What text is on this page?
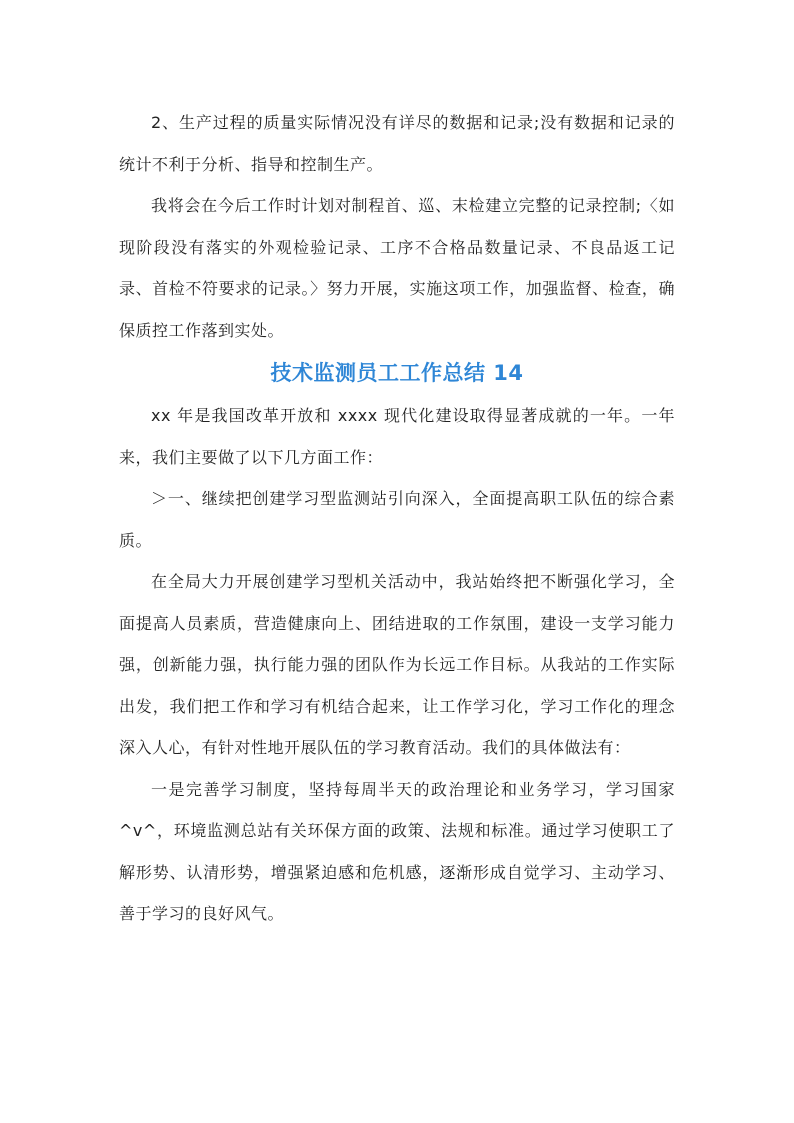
2、生产过程的质量实际情况没有详尽的数据和记录;没有数据和记录的统计不利于分析、指导和控制生产。

我将会在今后工作时计划对制程首、巡、末检建立完整的记录控制;〈如现阶段没有落实的外观检验记录、工序不合格品数量记录、不良品返工记录、首检不符要求的记录。〉努力开展，实施这项工作，加强监督、检查，确保质控工作落到实处。

技术监测员工工作总结 14

xx 年是我国改革开放和 xxxx 现代化建设取得显著成就的一年。一年来，我们主要做了以下几方面工作：

＞一、继续把创建学习型监测站引向深入，全面提高职工队伍的综合素质。

在全局大力开展创建学习型机关活动中，我站始终把不断强化学习，全面提高人员素质，营造健康向上、团结进取的工作氛围，建设一支学习能力强，创新能力强，执行能力强的团队作为长远工作目标。从我站的工作实际出发，我们把工作和学习有机结合起来，让工作学习化，学习工作化的理念深入人心，有针对性地开展队伍的学习教育活动。我们的具体做法有：

一是完善学习制度，坚持每周半天的政治理论和业务学习，学习国家^v^，环境监测总站有关环保方面的政策、法规和标准。通过学习使职工了解形势、认清形势，增强紧迫感和危机感，逐渐形成自觉学习、主动学习、善于学习的良好风气。
